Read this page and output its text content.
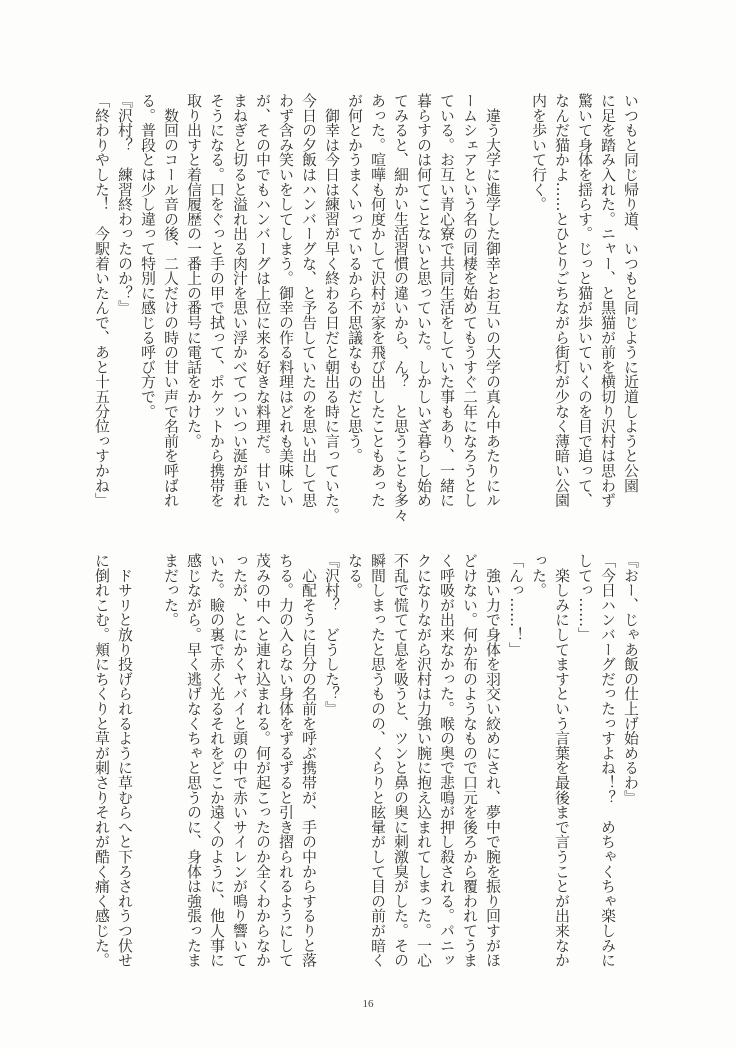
いつもと同じ帰り道、いつもと同じように近道しようと公園
に足を踏み入れた。ニャー、と黒猫が前を横切り沢村は思わず
驚いて身体を揺らす。じっと猫が歩いていくのを目で追って、
なんだ猫かよ……とひとりごちながら街灯が少なく薄暗い公園
内を歩いて行く。
　違う大学に進学した御幸とお互いの大学の真ん中あたりにル
ームシェアという名の同棲を始めてもうすぐ二年になろうとし
ている。お互い青心寮で共同生活をしていた事もあり、一緒に
暮らすのは何てことないと思っていた。しかしいざ暮らし始め
てみると、細かい生活習慣の違いから、ん？　と思うことも多々
あった。喧嘩も何度かして沢村が家を飛び出したこともあった
が何とかうまくいっているから不思議なものだと思う。
　御幸は今日は練習が早く終わる日だと朝出る時に言っていた。
今日の夕飯はハンバーグな、と予告していたのを思い出して思
わず含み笑いをしてしまう。御幸の作る料理はどれも美味しい
が、その中でもハンバーグは上位に来る好きな料理だ。甘いた
まねぎと切ると溢れ出る肉汁を思い浮かべてついつい涎が垂れ
そうになる。口をぐっと手の甲で拭って、ポケットから携帯を
取り出すと着信履歴の一番上の番号に電話をかけた。
　数回のコール音の後、二人だけの時の甘い声で名前を呼ばれ
る。普段とは少し違って特別に感じる呼び方で。
『沢村？　練習終わったのか？』
「終わりやした！　今駅着いたんで、あと十五分位っすかね」
『おー、じゃあ飯の仕上げ始めるわ』
「今日ハンバーグだったっすよね！？　めちゃくちゃ楽しみに
してっ……」
　楽しみにしてますという言葉を最後まで言うことが出来なか
った。
「んっ……！」
　強い力で身体を羽交い絞めにされ、夢中で腕を振り回すがほ
どけない。何か布のようなもので口元を後ろから覆われてうま
く呼吸が出来なかった。喉の奥で悲鳴が押し殺される。パニッ
クになりながら沢村は力強い腕に抱え込まれてしまった。一心
不乱で慌てて息を吸うと、ツンと鼻の奥に刺激臭がした。その
瞬間しまったと思うものの、くらりと眩暈がして目の前が暗く
なる。
『沢村？　どうした？』
　心配そうに自分の名前を呼ぶ携帯が、手の中からするりと落
ちる。力の入らない身体をずるずると引き摺られるようにして
茂みの中へと連れ込まれる。何が起こったのか全くわからなか
ったが、とにかくヤバイと頭の中で赤いサイレンが鳴り響いて
いた。瞼の裏で赤く光るそれをどこか遠くのように、他人事に
感じながら。早く逃げなくちゃと思うのに、身体は強張ったま
まだった。
　ドサリと放り投げられるように草むらへと下ろされうつ伏せ
に倒れこむ。頬にちくりと草が刺さりそれが酷く痛く感じた。
16
